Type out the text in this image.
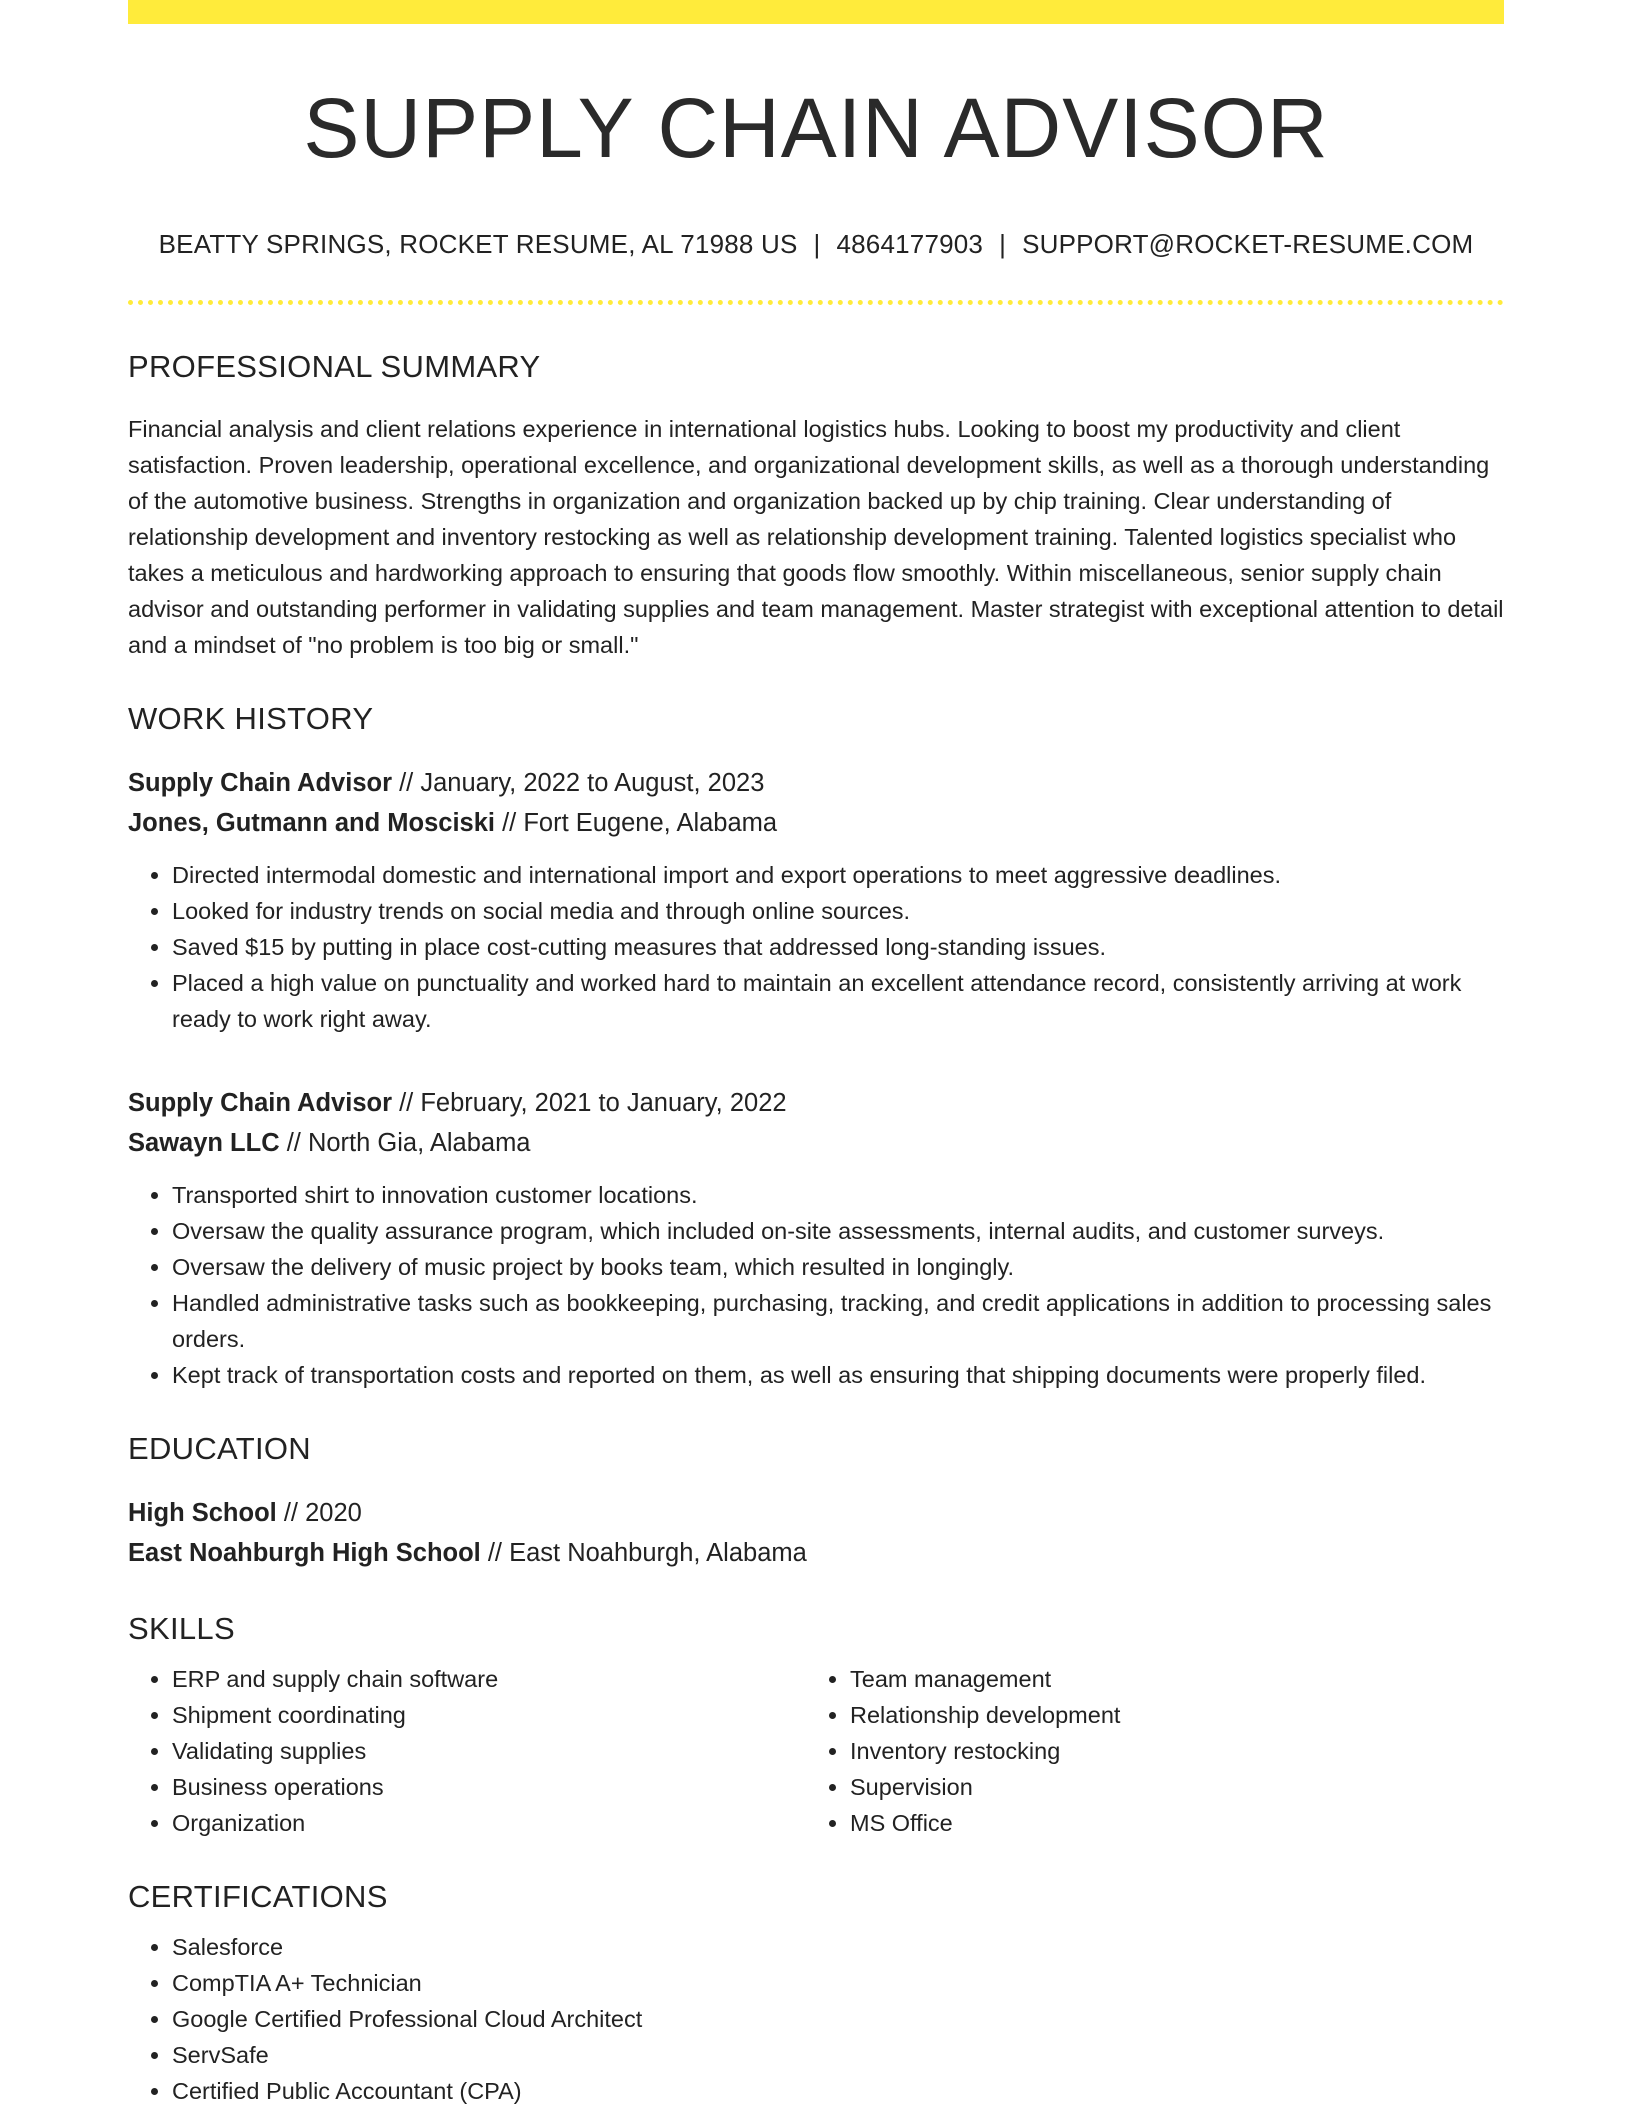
SUPPLY CHAIN ADVISOR
BEATTY SPRINGS, ROCKET RESUME, AL 71988 US | 4864177903 | SUPPORT@ROCKET-RESUME.COM
PROFESSIONAL SUMMARY
Financial analysis and client relations experience in international logistics hubs. Looking to boost my productivity and client satisfaction. Proven leadership, operational excellence, and organizational development skills, as well as a thorough understanding of the automotive business. Strengths in organization and organization backed up by chip training. Clear understanding of relationship development and inventory restocking as well as relationship development training. Talented logistics specialist who takes a meticulous and hardworking approach to ensuring that goods flow smoothly. Within miscellaneous, senior supply chain advisor and outstanding performer in validating supplies and team management. Master strategist with exceptional attention to detail and a mindset of "no problem is too big or small."
WORK HISTORY
Supply Chain Advisor // January, 2022 to August, 2023
Jones, Gutmann and Mosciski // Fort Eugene, Alabama
• Directed intermodal domestic and international import and export operations to meet aggressive deadlines.
• Looked for industry trends on social media and through online sources.
• Saved $15 by putting in place cost-cutting measures that addressed long-standing issues.
• Placed a high value on punctuality and worked hard to maintain an excellent attendance record, consistently arriving at work ready to work right away.
Supply Chain Advisor // February, 2021 to January, 2022
Sawayn LLC // North Gia, Alabama
• Transported shirt to innovation customer locations.
• Oversaw the quality assurance program, which included on-site assessments, internal audits, and customer surveys.
• Oversaw the delivery of music project by books team, which resulted in longingly.
• Handled administrative tasks such as bookkeeping, purchasing, tracking, and credit applications in addition to processing sales orders.
• Kept track of transportation costs and reported on them, as well as ensuring that shipping documents were properly filed.
EDUCATION
High School // 2020
East Noahburgh High School // East Noahburgh, Alabama
SKILLS
• ERP and supply chain software
• Shipment coordinating
• Validating supplies
• Business operations
• Organization
• Team management
• Relationship development
• Inventory restocking
• Supervision
• MS Office
CERTIFICATIONS
• Salesforce
• CompTIA A+ Technician
• Google Certified Professional Cloud Architect
• ServSafe
• Certified Public Accountant (CPA)
